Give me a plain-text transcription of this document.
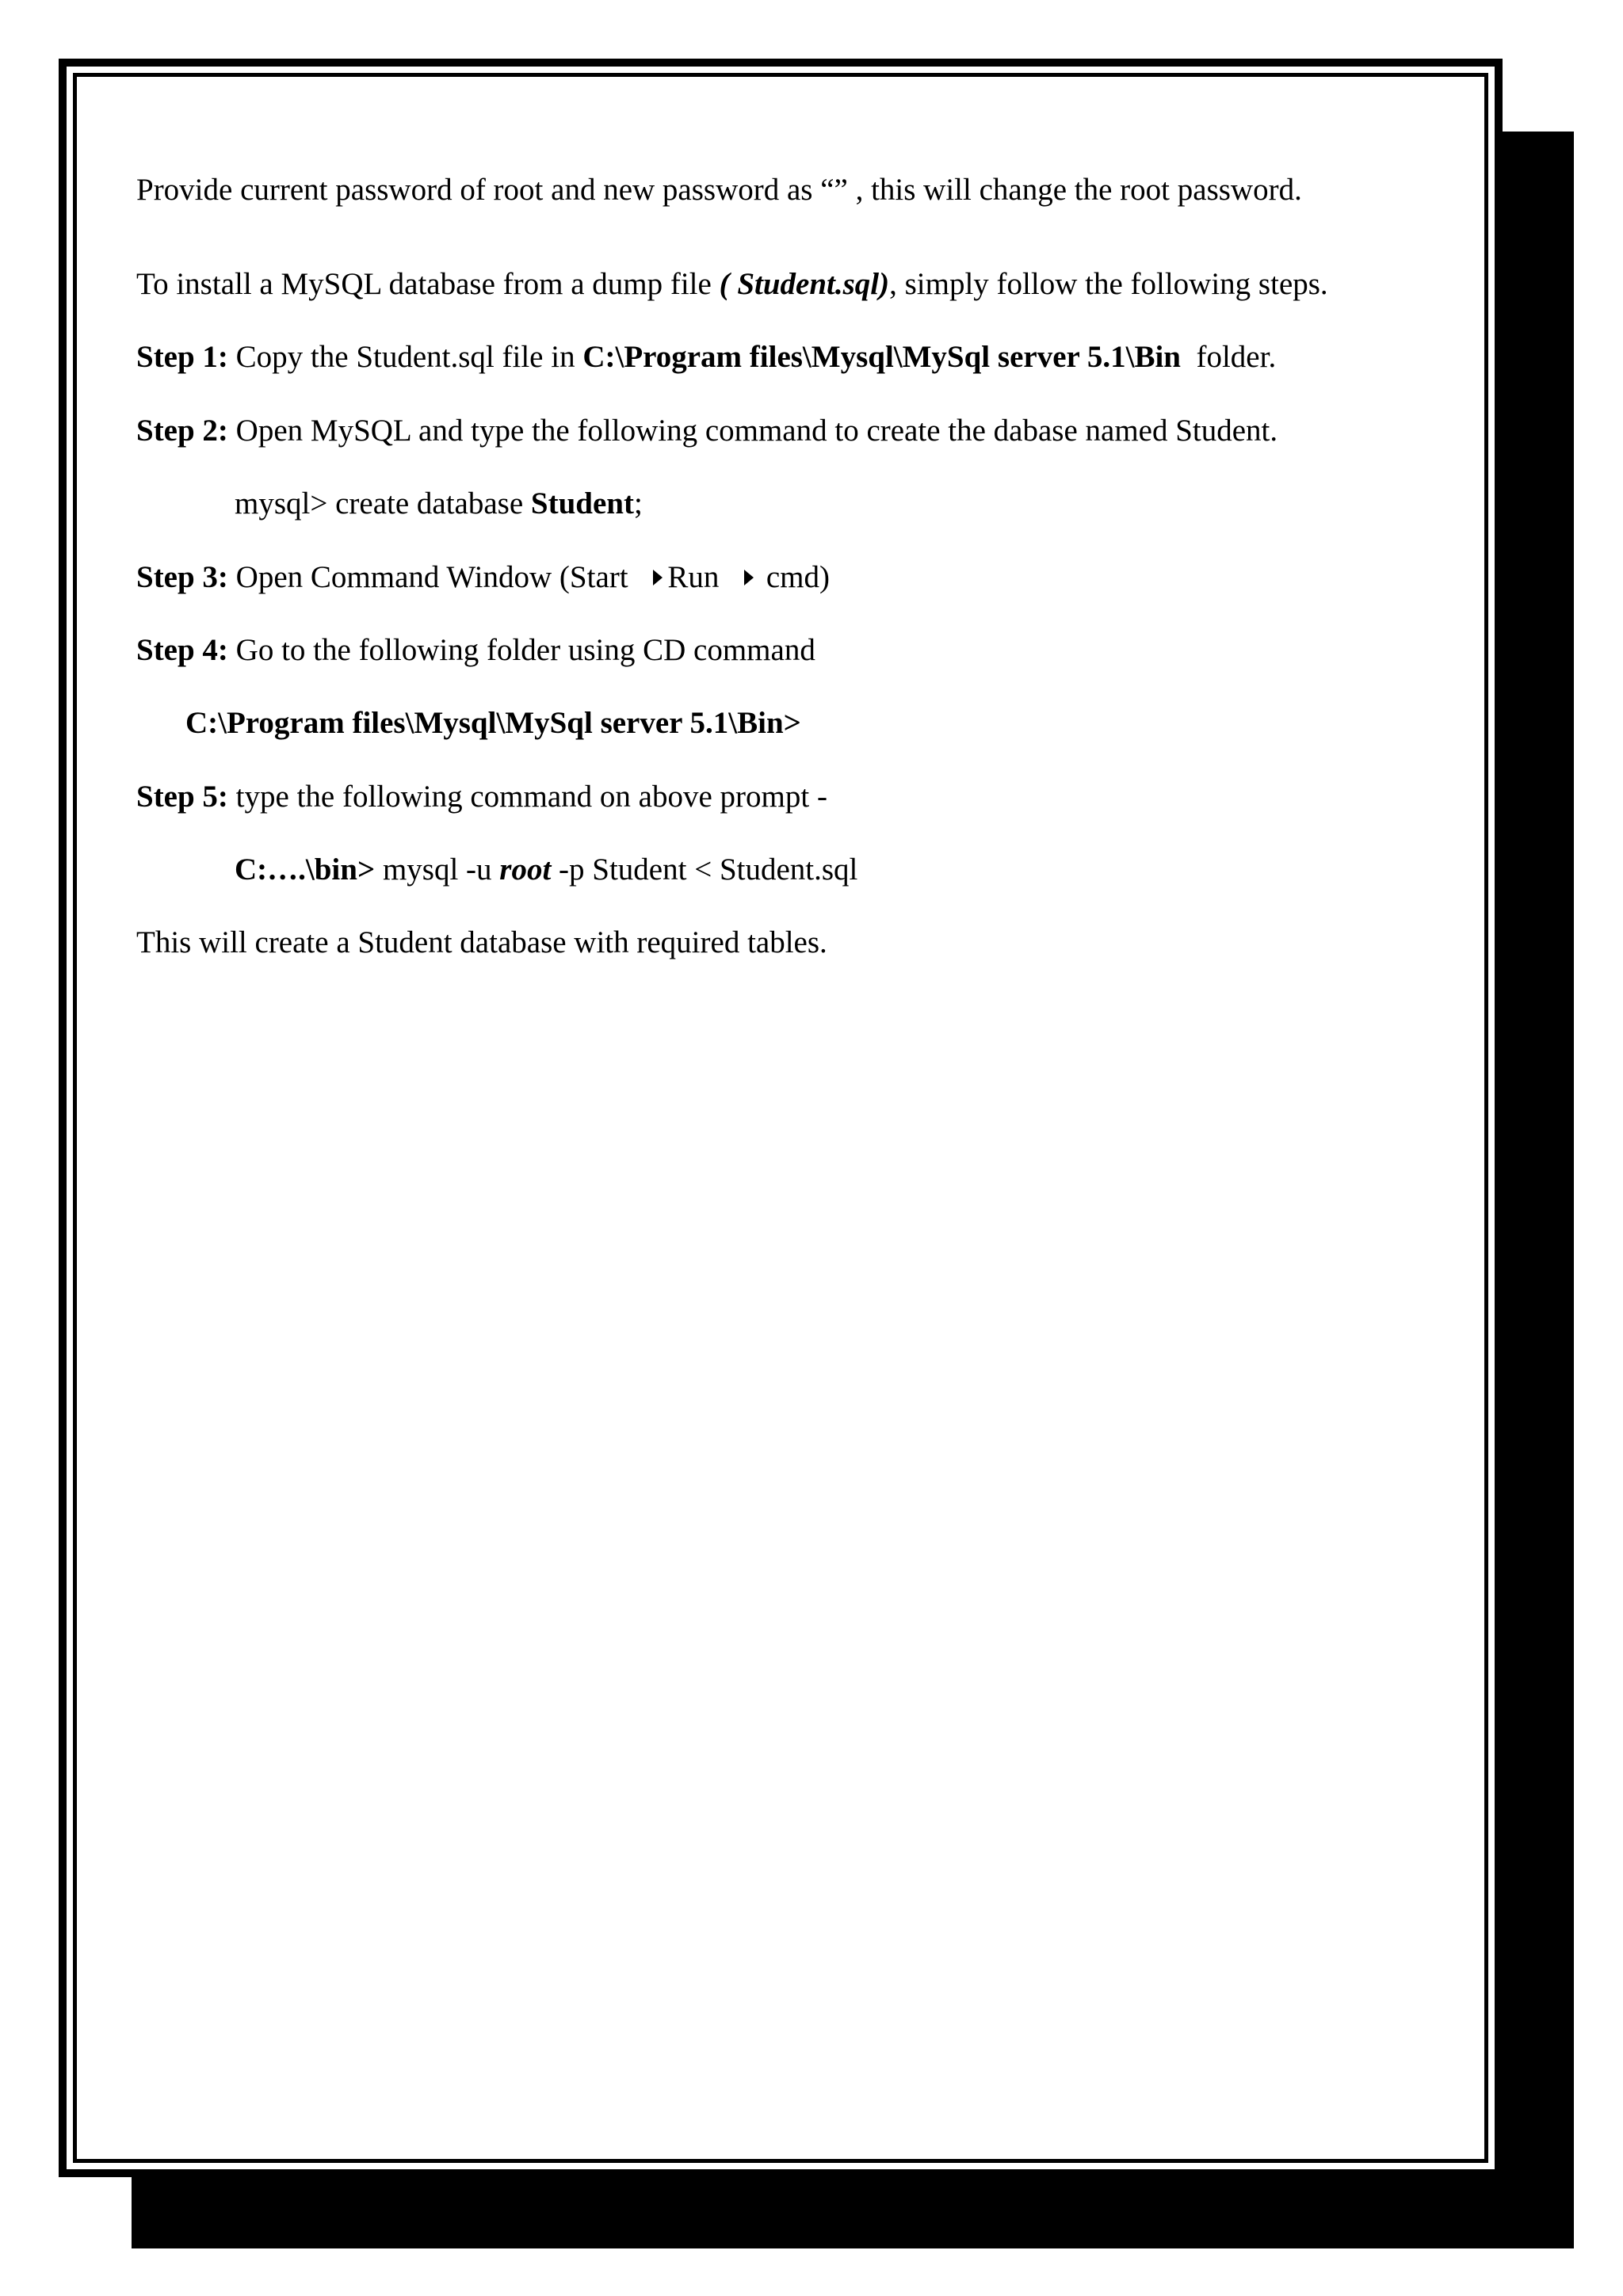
Provide current password of root and new password as “” , this will change the root password.
To install a MySQL database from a dump file ( Student.sql), simply follow the following steps.
Step 1: Copy the Student.sql file in C:\Program files\Mysql\MySql server 5.1\Bin  folder.
Step 2: Open MySQL and type the following command to create the dabase named Student.
mysql> create database Student;
Step 3: Open Command Window (Start Run  cmd)
Step 4: Go to the following folder using CD command
C:\Program files\Mysql\MySql server 5.1\Bin>
Step 5: type the following command on above prompt -
C:….\bin> mysql -u root -p Student < Student.sql
This will create a Student database with required tables.
